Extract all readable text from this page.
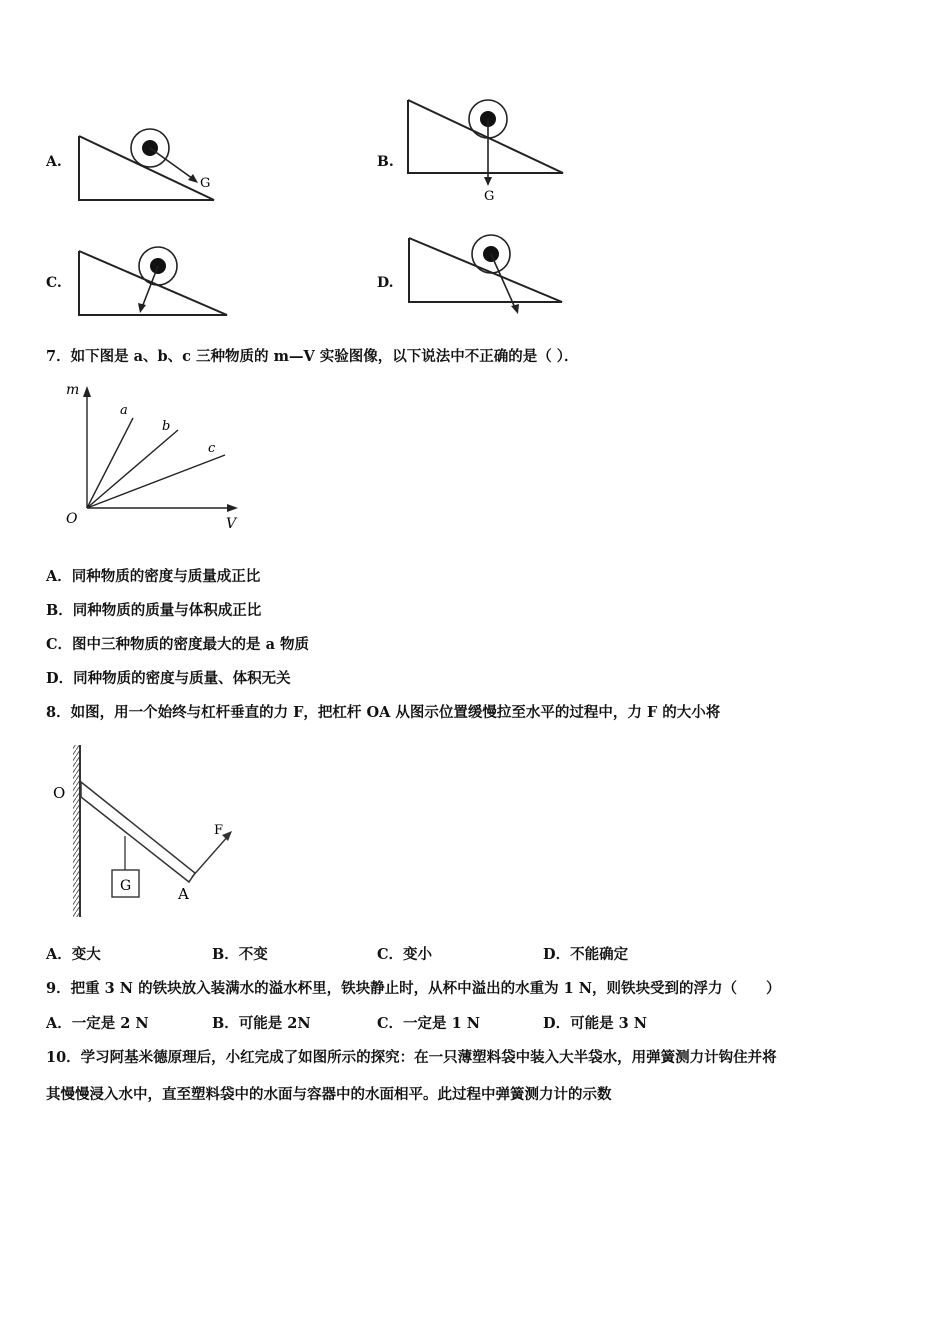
A.
G
G
B.
C.	D.
7．如下图是 a、b、c 三种物质的 m—V 实验图像，以下说法中不正确的是（ ）．
m
V
O
a
b
c
A．同种物质的密度与质量成正比
B．同种物质的质量与体积成正比
C．图中三种物质的密度最大的是 a 物质
D．同种物质的密度与质量、体积无关
8．如图，用一个始终与杠杆垂直的力 F，把杠杆 OA 从图示位置缓慢拉至水平的过程中，力 F 的大小将
O
A
F
G
A．变大	B．不变	C．变小	D．不能确定
9．把重 3 N 的铁块放入装满水的溢水杯里，铁块静止时，从杯中溢出的水重为 1 N，则铁块受到的浮力（　　）
A．一定是 2 N	B．可能是 2N	C．一定是 1 N	D．可能是 3 N
10．学习阿基米德原理后，小红完成了如图所示的探究：在一只薄塑料袋中装入大半袋水，用弹簧测力计钩住并将
其慢慢浸入水中，直至塑料袋中的水面与容器中的水面相平。此过程中弹簧测力计的示数
